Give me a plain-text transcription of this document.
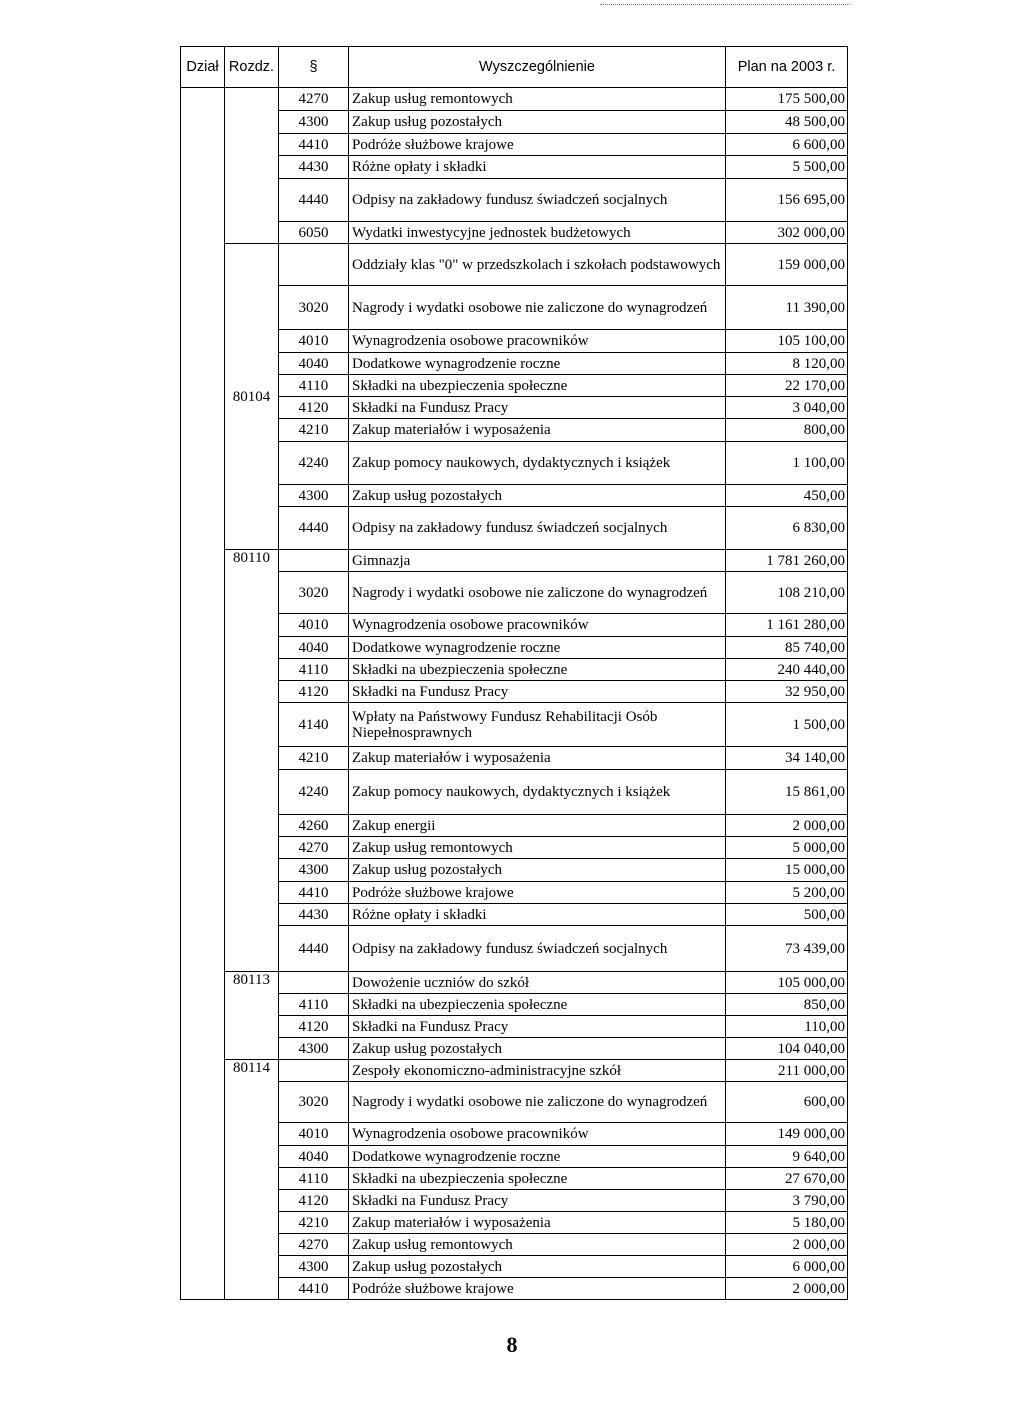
Dział	Rozdz.	§	Wyszczególnienie	Plan na 2003 r.
		4270	Zakup usług remontowych	175 500,00
		4300	Zakup usług pozostałych	48 500,00
		4410	Podróże służbowe krajowe	6 600,00
		4430	Różne opłaty i składki	5 500,00
		4440	Odpisy na zakładowy fundusz świadczeń socjalnych	156 695,00
		6050	Wydatki inwestycyjne jednostek budżetowych	302 000,00
	80104		Oddziały klas "0" w przedszkolach i szkołach podstawowych	159 000,00
		3020	Nagrody i wydatki osobowe nie zaliczone do wynagrodzeń	11 390,00
		4010	Wynagrodzenia osobowe pracowników	105 100,00
		4040	Dodatkowe wynagrodzenie roczne	8 120,00
		4110	Składki na ubezpieczenia społeczne	22 170,00
		4120	Składki na Fundusz Pracy	3 040,00
		4210	Zakup materiałów i wyposażenia	800,00
		4240	Zakup pomocy naukowych, dydaktycznych i książek	1 100,00
		4300	Zakup usług pozostałych	450,00
		4440	Odpisy na zakładowy fundusz świadczeń socjalnych	6 830,00
	80110		Gimnazja	1 781 260,00
		3020	Nagrody i wydatki osobowe nie zaliczone do wynagrodzeń	108 210,00
		4010	Wynagrodzenia osobowe pracowników	1 161 280,00
		4040	Dodatkowe wynagrodzenie roczne	85 740,00
		4110	Składki na ubezpieczenia społeczne	240 440,00
		4120	Składki na Fundusz Pracy	32 950,00
		4140	Wpłaty na Państwowy Fundusz Rehabilitacji Osób Niepełnosprawnych	1 500,00
		4210	Zakup materiałów i wyposażenia	34 140,00
		4240	Zakup pomocy naukowych, dydaktycznych i książek	15 861,00
		4260	Zakup energii	2 000,00
		4270	Zakup usług remontowych	5 000,00
		4300	Zakup usług pozostałych	15 000,00
		4410	Podróże służbowe krajowe	5 200,00
		4430	Różne opłaty i składki	500,00
		4440	Odpisy na zakładowy fundusz świadczeń socjalnych	73 439,00
	80113		Dowożenie uczniów do szkół	105 000,00
		4110	Składki na ubezpieczenia społeczne	850,00
		4120	Składki na Fundusz Pracy	110,00
		4300	Zakup usług pozostałych	104 040,00
	80114		Zespoły ekonomiczno-administracyjne szkół	211 000,00
		3020	Nagrody i wydatki osobowe nie zaliczone do wynagrodzeń	600,00
		4010	Wynagrodzenia osobowe pracowników	149 000,00
		4040	Dodatkowe wynagrodzenie roczne	9 640,00
		4110	Składki na ubezpieczenia społeczne	27 670,00
		4120	Składki na Fundusz Pracy	3 790,00
		4210	Zakup materiałów i wyposażenia	5 180,00
		4270	Zakup usług remontowych	2 000,00
		4300	Zakup usług pozostałych	6 000,00
		4410	Podróże służbowe krajowe	2 000,00
8
